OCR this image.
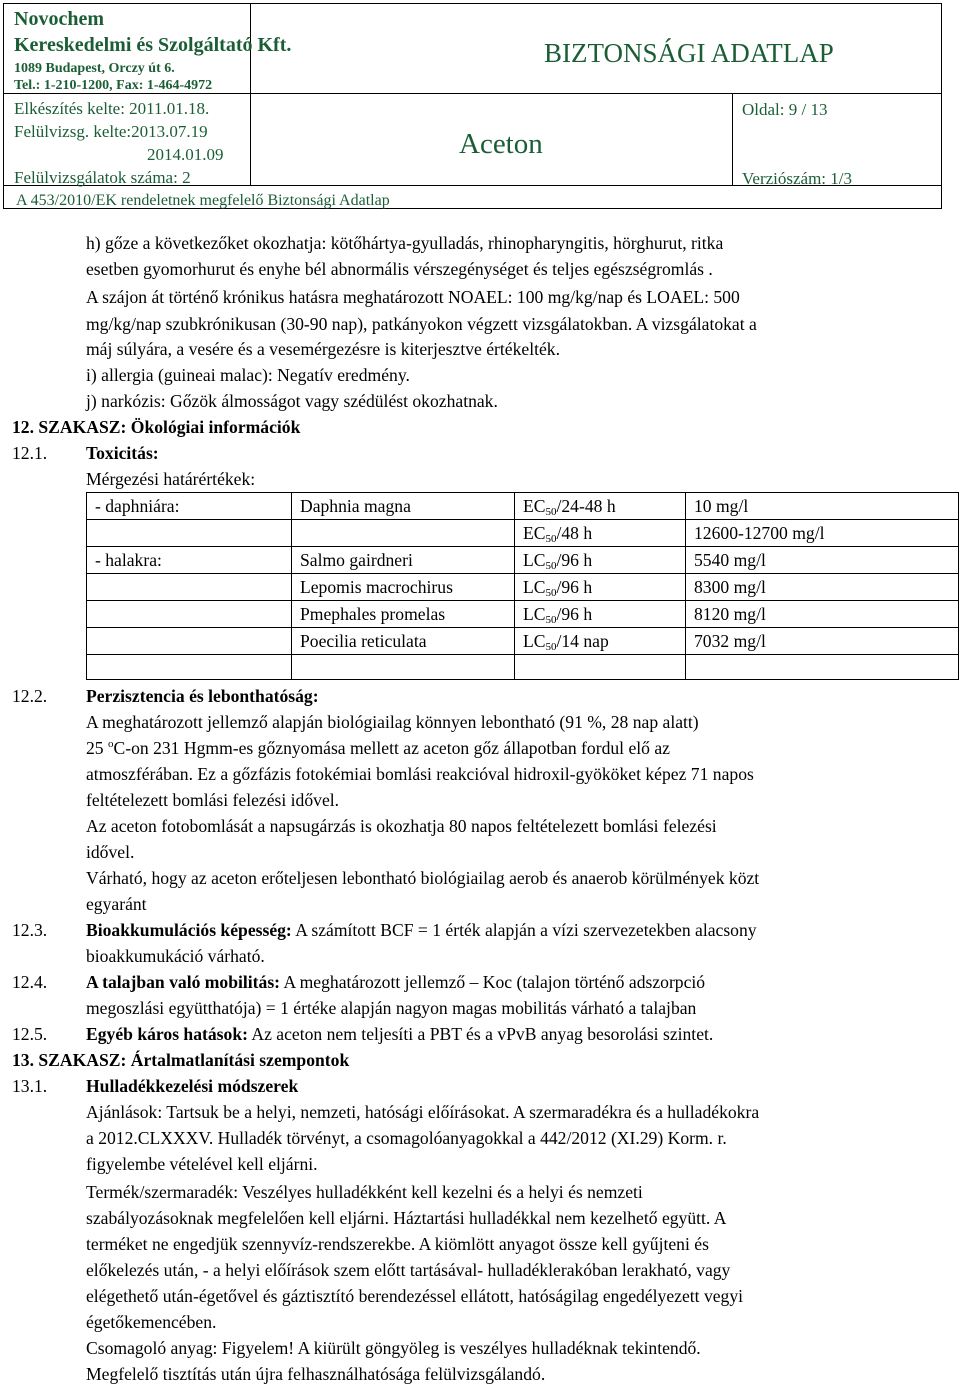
Novochem
Kereskedelmi és Szolgáltató Kft.
1089 Budapest, Orczy út 6.
Tel.: 1-210-1200, Fax: 1-464-4972
BIZTONSÁGI ADATLAP
Elkészítés kelte: 2011.01.18.
Felülvizsg. kelte:2013.07.19
2014.01.09
Felülvizsgálatok száma: 2
Aceton
Oldal: 9 / 13
Verziószám: 1/3
A 453/2010/EK rendeletnek megfelelő Biztonsági Adatlap
h) gőze a következőket okozhatja: kötőhártya-gyulladás, rhinopharyngitis, hörghurut, ritka
esetben gyomorhurut és enyhe bél abnormális vérszegénységet és teljes egészségromlás .
A szájon át történő krónikus hatásra meghatározott NOAEL: 100 mg/kg/nap és LOAEL: 500
mg/kg/nap szubkrónikusan (30-90 nap), patkányokon végzett vizsgálatokban. A vizsgálatokat a
máj súlyára, a vesére és a vesemérgezésre is kiterjesztve értékelték.
i) allergia (guineai malac): Negatív eredmény.
j) narkózis: Gőzök álmosságot vagy szédülést okozhatnak.
12. SZAKASZ: Ökológiai információk
12.1. Toxicitás:
Mérgezési határértékek:
- daphniára:	Daphnia magna	$EC_{50}/24-48$ h	10 mg/l
		$EC_{50}/48$ h	12600-12700 mg/l
- halakra:	Salmo gairdneri	$LC_{50}/96$ h	5540 mg/l
	Lepomis macrochirus	$LC_{50}/96$ h	8300 mg/l
	Pmephales promelas	$LC_{50}/96$ h	8120 mg/l
	Poecilia reticulata	$LC_{50}/14$ nap	7032 mg/l

12.2. Perzisztencia és lebonthatóság:
A meghatározott jellemző alapján biológiailag könnyen lebontható (91 %, 28 nap alatt)
25 $^o$C-on 231 Hgmm-es gőznyomása mellett az aceton gőz állapotban fordul elő az
atmoszférában. Ez a gőzfázis fotokémiai bomlási reakcióval hidroxil-gyököket képez 71 napos
feltételezett bomlási felezési idővel.
Az aceton fotobomlását a napsugárzás is okozhatja 80 napos feltételezett bomlási felezési
idővel.
Várható, hogy az aceton erőteljesen lebontható biológiailag aerob és anaerob körülmények közt
egyaránt
12.3. Bioakkumulációs képesség: A számított BCF = 1 érték alapján a vízi szervezetekben alacsony
bioakkumukáció várható.
12.4. A talajban való mobilitás: A meghatározott jellemző – Koc (talajon történő adszorpció
megoszlási együtthatója) = 1 értéke alapján nagyon magas mobilitás várható a talajban
12.5. Egyéb káros hatások: Az aceton nem teljesíti a PBT és a vPvB anyag besorolási szintet.
13. SZAKASZ: Ártalmatlanítási szempontok
13.1. Hulladékkezelési módszerek
Ajánlások: Tartsuk be a helyi, nemzeti, hatósági előírásokat. A szermaradékra és a hulladékokra
a 2012.CLXXXV. Hulladék törvényt, a csomagolóanyagokkal a 442/2012 (XI.29) Korm. r.
figyelembe vételével kell eljárni.
Termék/szermaradék: Veszélyes hulladékként kell kezelni és a helyi és nemzeti
szabályozásoknak megfelelően kell eljárni. Háztartási hulladékkal nem kezelhető együtt. A
terméket ne engedjük szennyvíz-rendszerekbe. A kiömlött anyagot össze kell gyűjteni és
előkelezés után, - a helyi előírások szem előtt tartásával- hulladéklerakóban lerakható, vagy
elégethető után-égetővel és gáztisztító berendezéssel ellátott, hatóságilag engedélyezett vegyi
égetőkemencében.
Csomagoló anyag: Figyelem! A kiürült göngyöleg is veszélyes hulladéknak tekintendő.
Megfelelő tisztítás után újra felhasználhatósága felülvizsgálandó.
